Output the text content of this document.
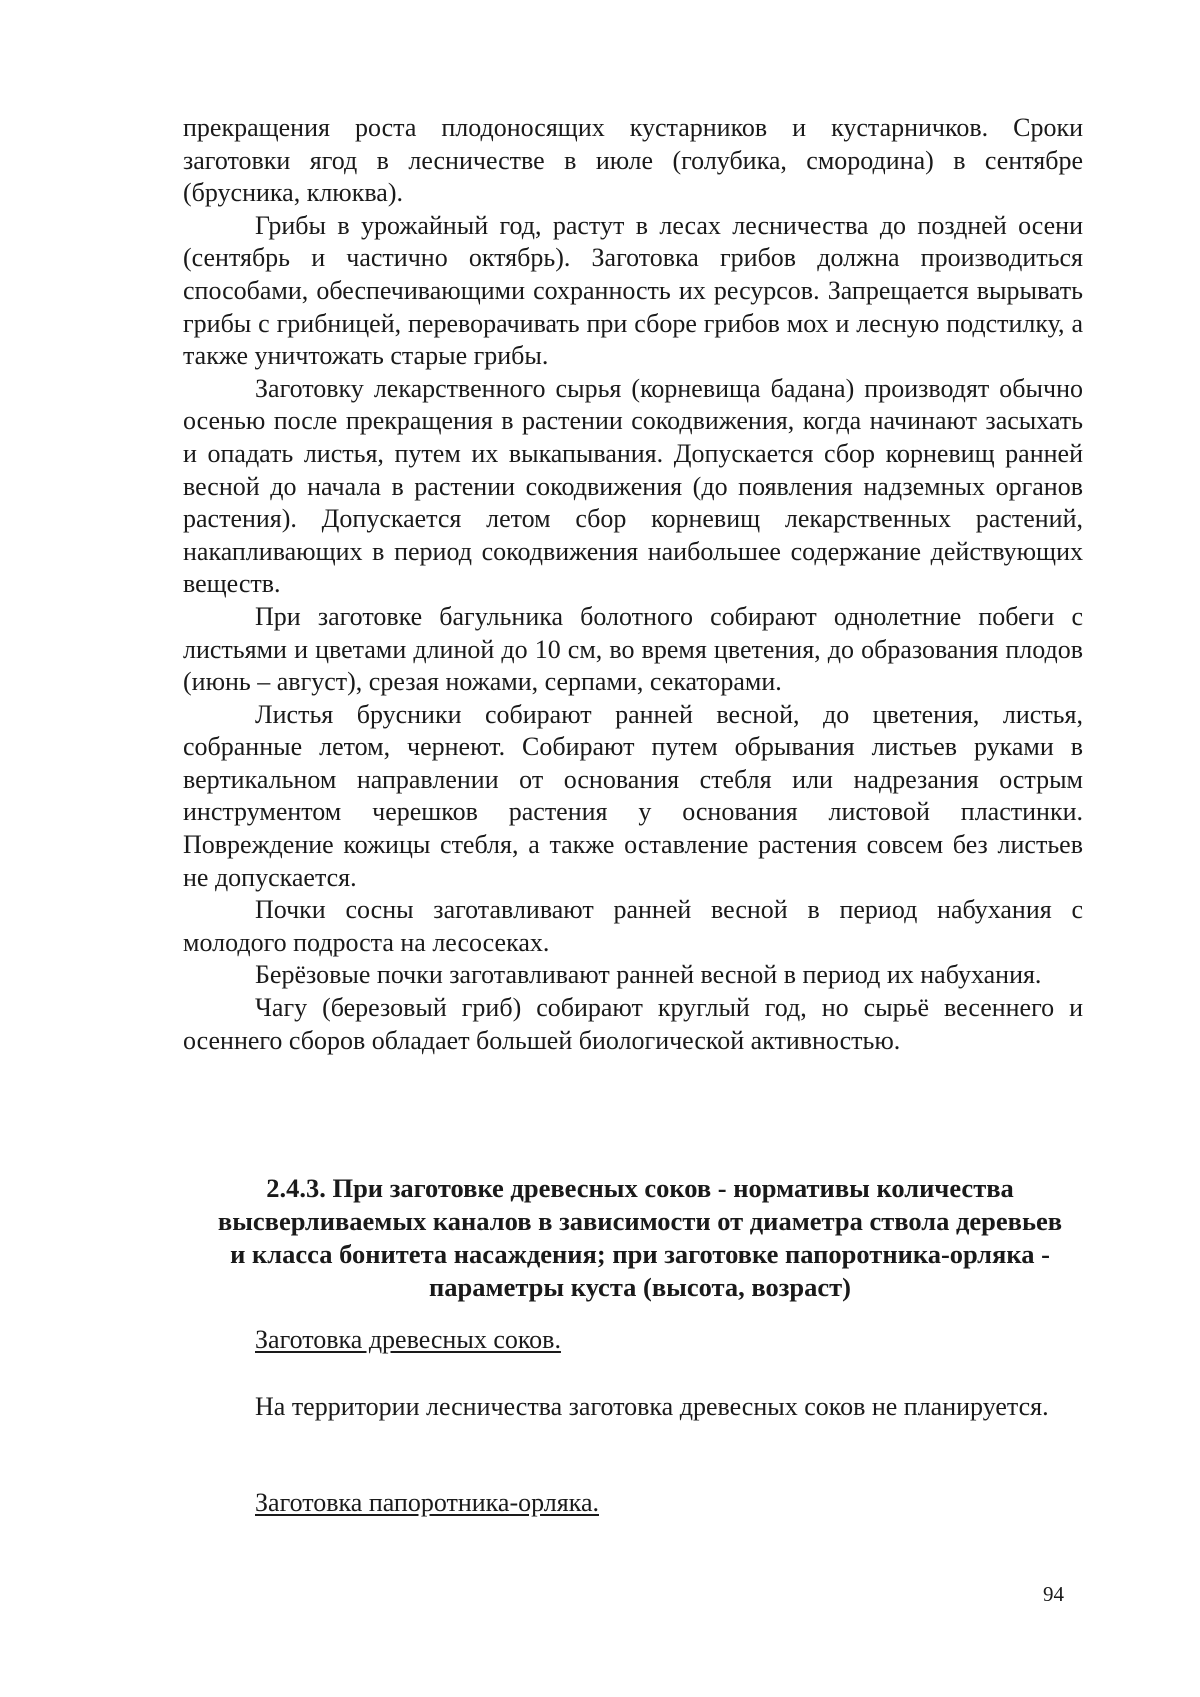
прекращения роста плодоносящих кустарников и кустарничков. Сроки заготовки ягод в лесничестве в июле (голубика, смородина) в сентябре (брусника, клюква).

Грибы в урожайный год, растут в лесах лесничества до поздней осени (сентябрь и частично октябрь). Заготовка грибов должна производиться способами, обеспечивающими сохранность их ресурсов. Запрещается вырывать грибы с грибницей, переворачивать при сборе грибов мох и лесную подстилку, а также уничтожать старые грибы.

Заготовку лекарственного сырья (корневища бадана) производят обычно осенью после прекращения в растении сокодвижения, когда начинают засыхать и опадать листья, путем их выкапывания. Допускается сбор корневищ ранней весной до начала в растении сокодвижения (до появления надземных органов растения). Допускается летом сбор корневищ лекарственных растений, накапливающих в период сокодвижения наибольшее содержание действующих веществ.

При заготовке багульника болотного собирают однолетние побеги с листьями и цветами длиной до 10 см, во время цветения, до образования плодов (июнь – август), срезая ножами, серпами, секаторами.

Листья брусники собирают ранней весной, до цветения, листья, собранные летом, чернеют. Собирают путем обрывания листьев руками в вертикальном направлении от основания стебля или надрезания острым инструментом черешков растения у основания листовой пластинки. Повреждение кожицы стебля, а также оставление растения совсем без листьев не допускается.

Почки сосны заготавливают ранней весной в период набухания с молодого подроста на лесосеках.

Берёзовые почки заготавливают ранней весной в период их набухания.

Чагу (березовый гриб) собирают круглый год, но сырьё весеннего и осеннего сборов обладает большей биологической активностью.

2.4.3. При заготовке древесных соков - нормативы количества высверливаемых каналов в зависимости от диаметра ствола деревьев и класса бонитета насаждения; при заготовке папоротника-орляка - параметры куста (высота, возраст)

Заготовка древесных соков.

На территории лесничества заготовка древесных соков не планируется.

Заготовка папоротника-орляка.

94
